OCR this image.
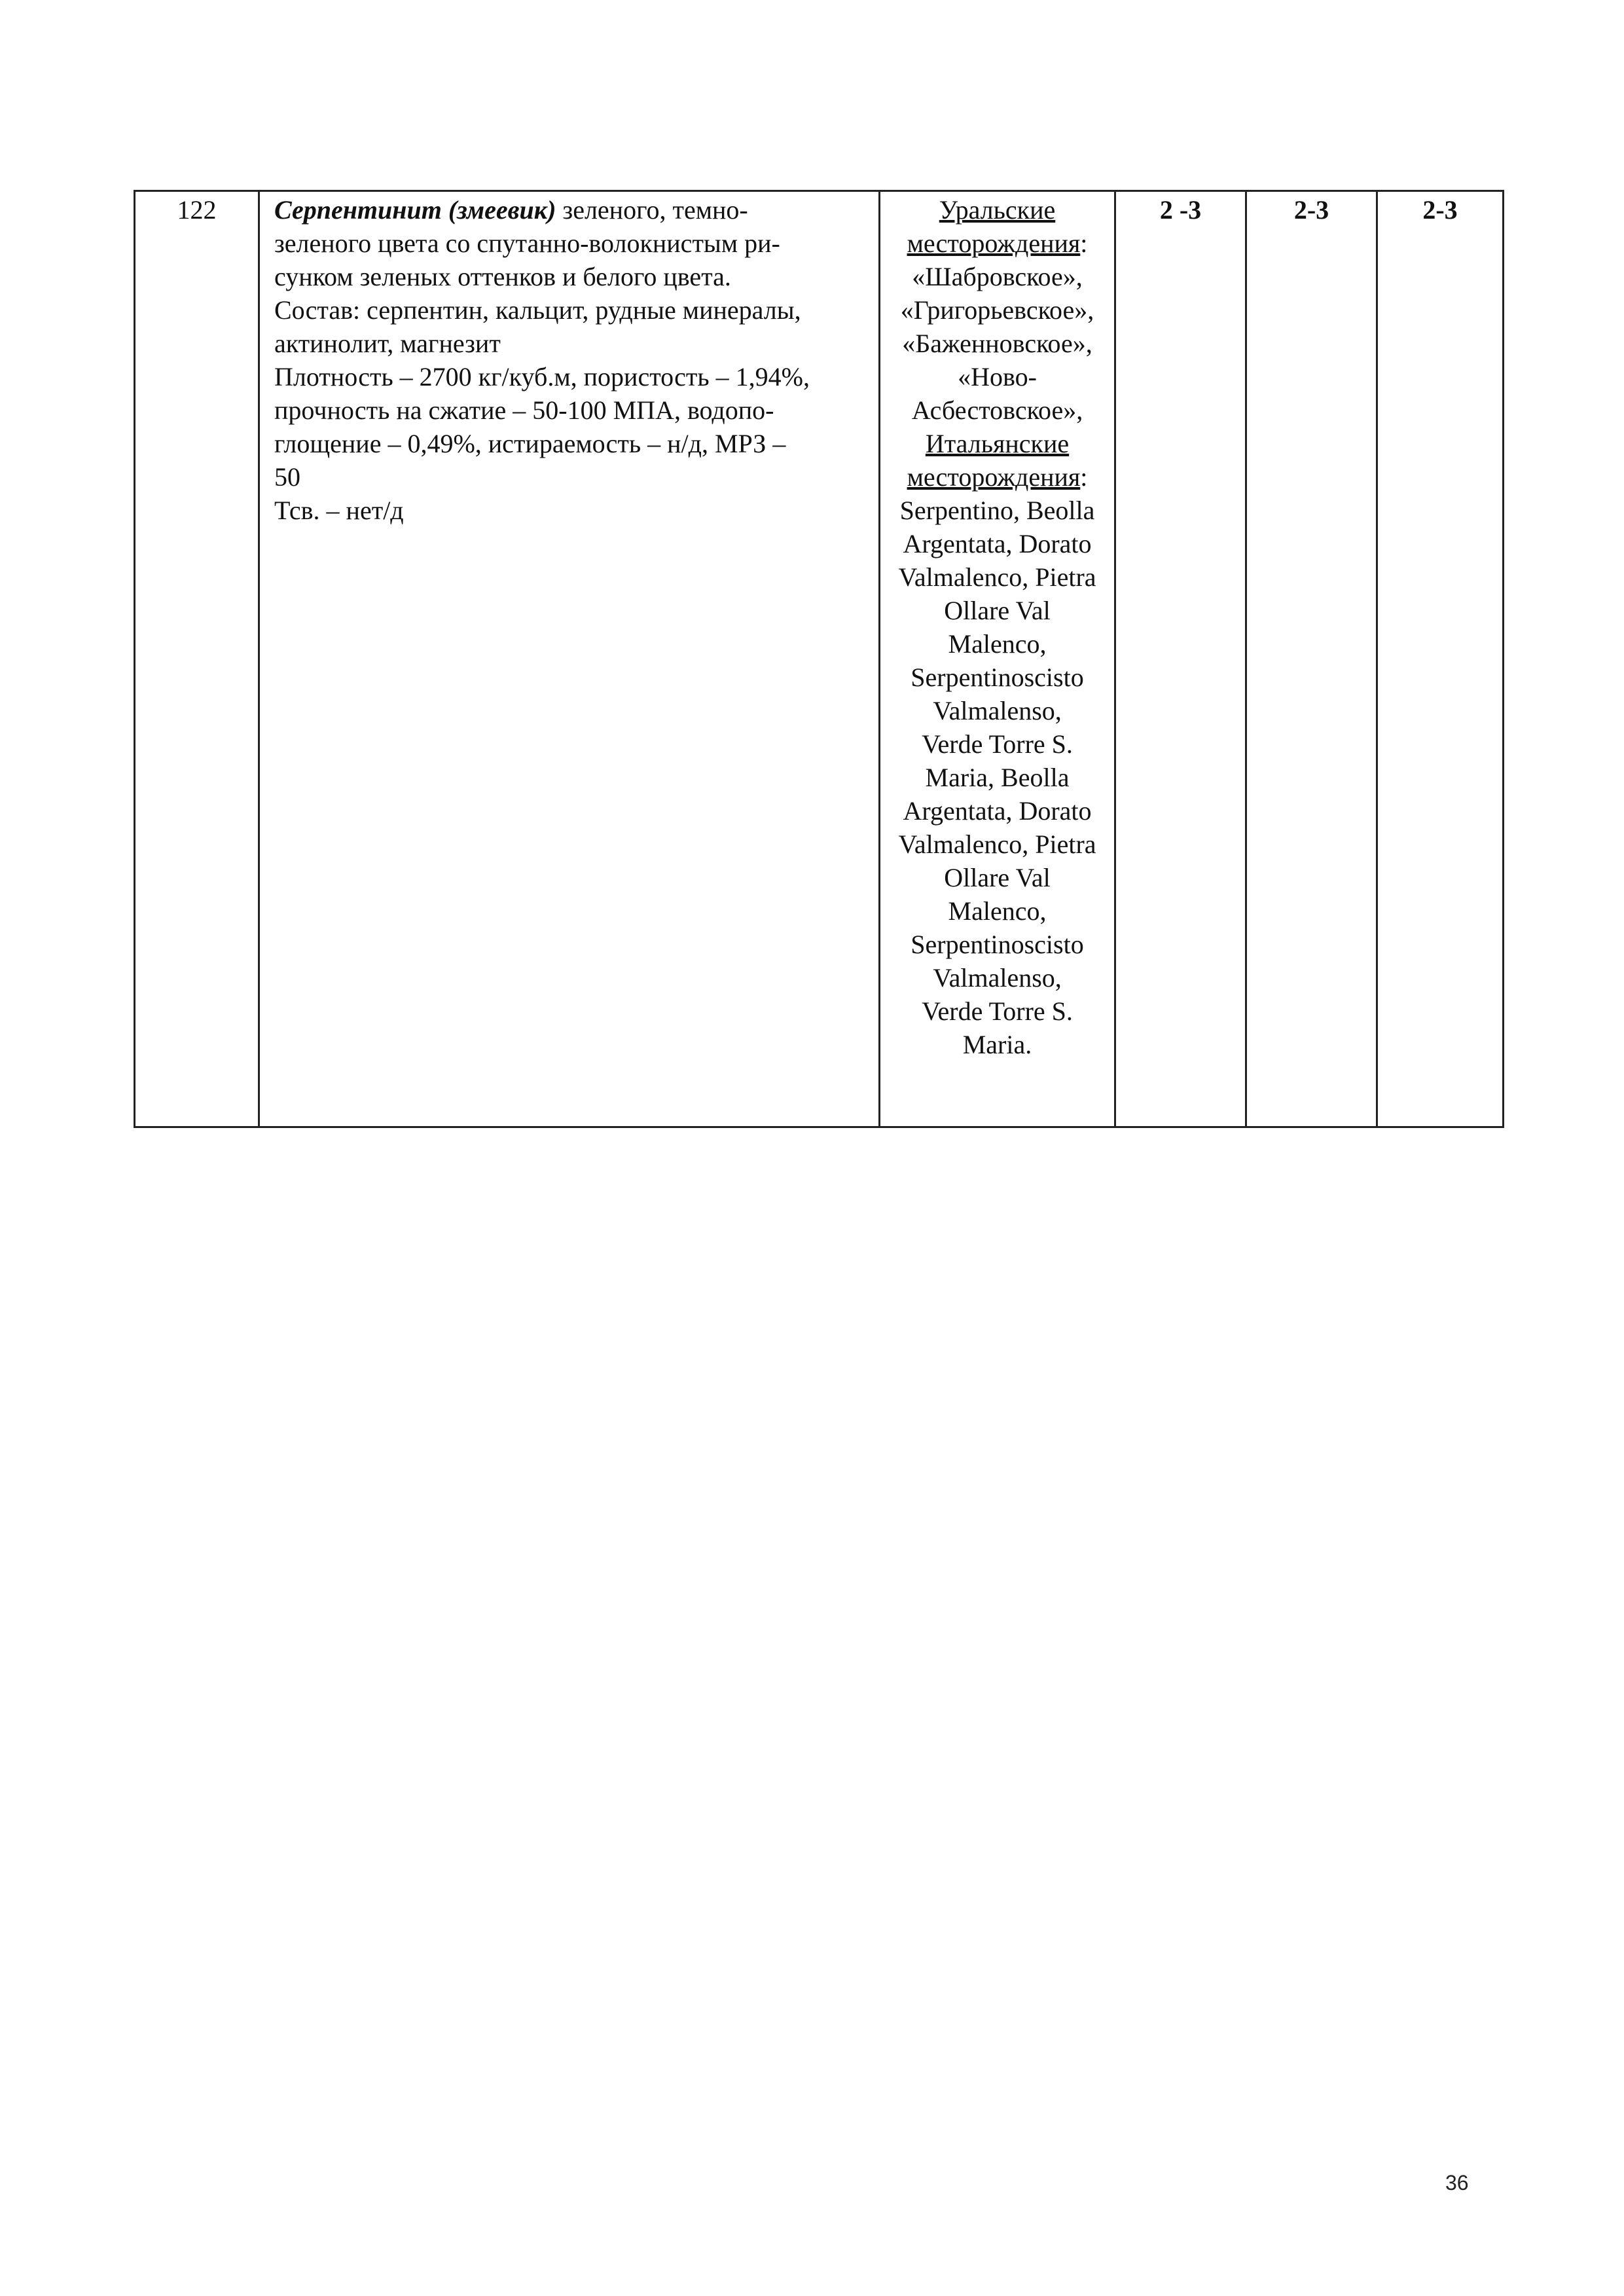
122	Серпентинит (змеевик) зеленого, темно-
зеленого цвета со спутанно-волокнистым ри-
сунком зеленых оттенков и белого цвета.
Состав: серпентин, кальцит, рудные минералы,
актинолит, магнезит
Плотность – 2700 кг/куб.м, пористость – 1,94%,
прочность на сжатие – 50-100 МПА, водопо-
глощение – 0,49%, истираемость – н/д, МРЗ –
50
Тсв. – нет/д

Уральские
месторождения:
«Шабровское»,
«Григорьевское»,
«Баженновское»,
«Ново-
Асбестовское»,
Итальянские
месторождения:
Serpentino, Beolla
Argentata, Dorato
Valmalenco, Pietra
Ollare Val
Malenco,
Serpentinoscisto
Valmalenso,
Verde Torre S.
Maria, Beolla
Argentata, Dorato
Valmalenco, Pietra
Ollare Val
Malenco,
Serpentinoscisto
Valmalenso,
Verde Torre S.
Maria.
	2 -3	2-3	2-3
36
